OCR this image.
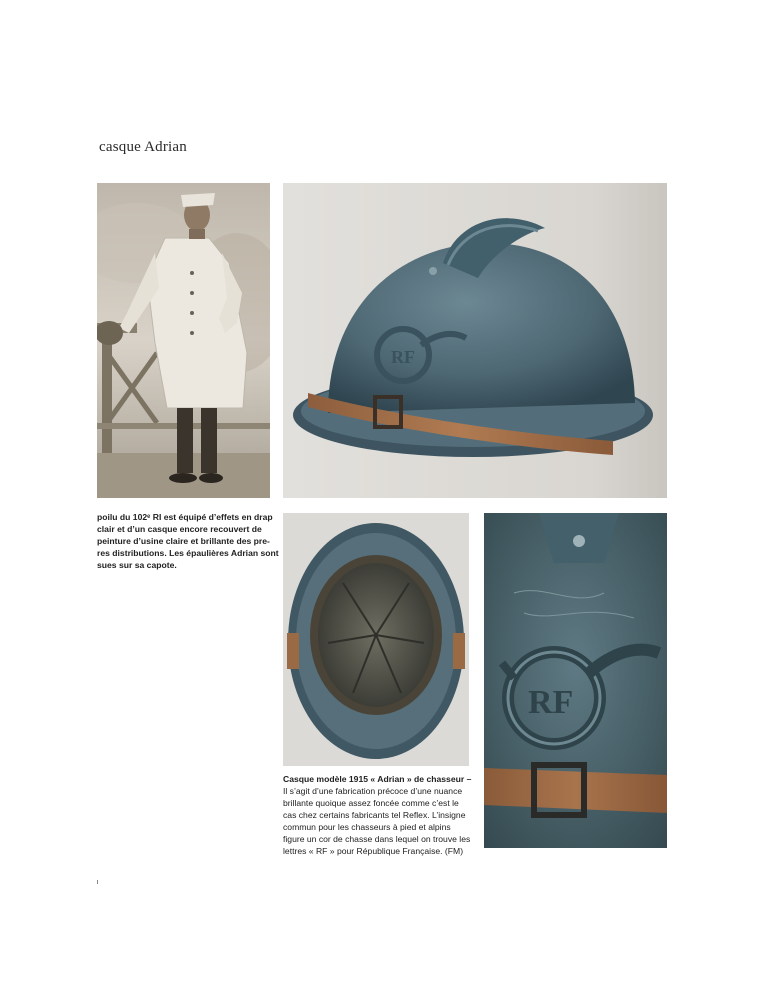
casque Adrian
RF
RF
poilu du 102ᵉ RI est équipé d’effets en drap
clair et d’un casque encore recouvert de
peinture d’usine claire et brillante des pre-
res distributions. Les épaulières Adrian sont
sues sur sa capote.
Casque modèle 1915 « Adrian » de chasseur –
Il s’agit d’une fabrication précoce d’une nuance
brillante quoique assez foncée comme c’est le
cas chez certains fabricants tel Reflex. L’insigne
commun pour les chasseurs à pied et alpins
figure un cor de chasse dans lequel on trouve les
lettres « RF » pour République Française. (FM)
